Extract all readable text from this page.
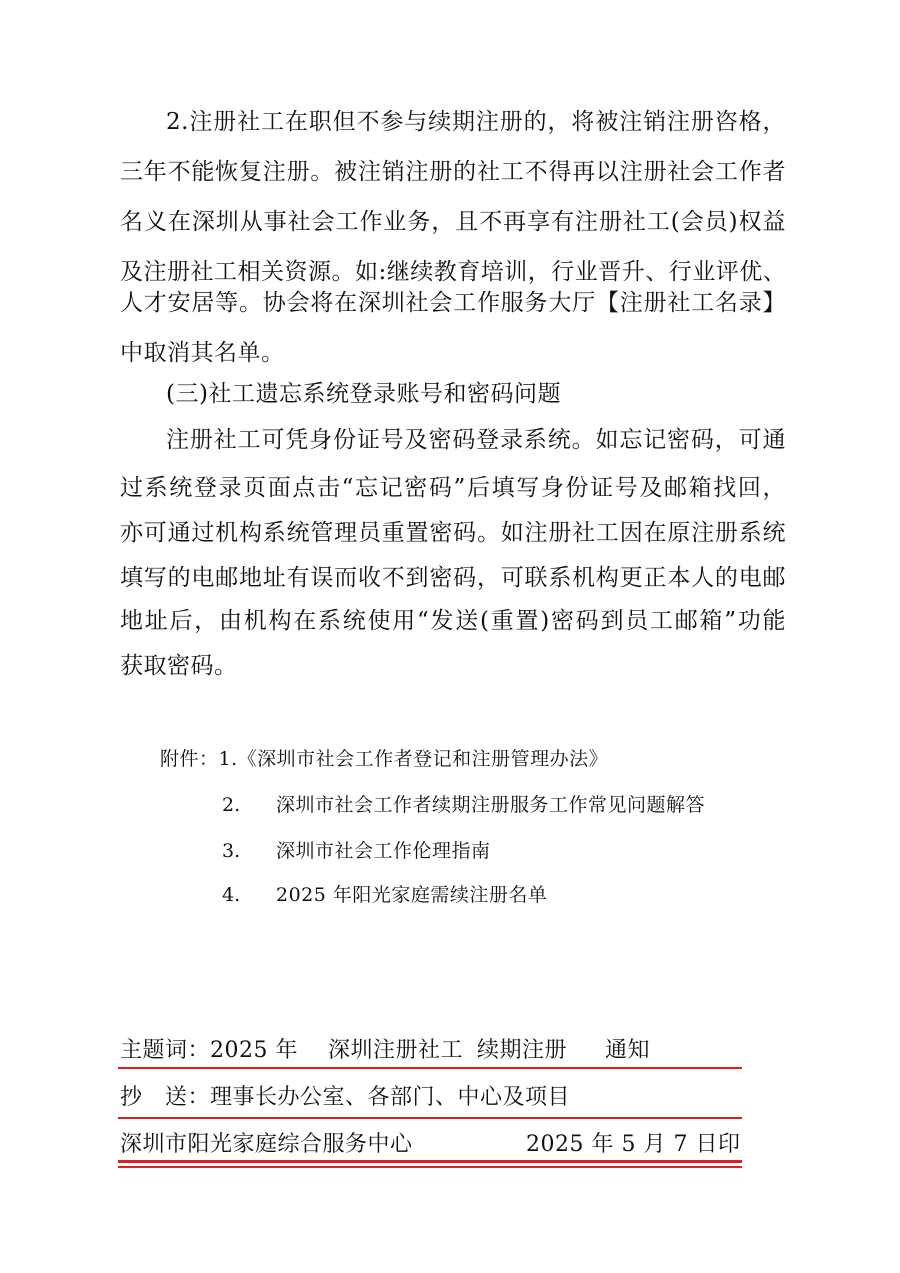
2.注册社工在职但不参与续期注册的，将被注销注册咨格，
三年不能恢复注册。被注销注册的社工不得再以注册社会工作者
名义在深圳从事社会工作业务，且不再享有注册社工(会员)权益
及注册社工相关资源。如:继续教育培训，行业晋升、行业评优、
人才安居等。协会将在深圳社会工作服务大厅【注册社工名录】
中取消其名单。
(三)社工遗忘系统登录账号和密码问题
注册社工可凭身份证号及密码登录系统。如忘记密码，可通
过系统登录页面点击“忘记密码”后填写身份证号及邮箱找回，
亦可通过机构系统管理员重置密码。如注册社工因在原注册系统
填写的电邮地址有误而收不到密码，可联系机构更正本人的电邮
地址后，由机构在系统使用“发送(重置)密码到员工邮箱”功能
获取密码。
附件：1.《深圳市社会工作者登记和注册管理办法》
2. 深圳市社会工作者续期注册服务工作常见问题解答
3. 深圳市社会工作伦理指南
4. 2025 年阳光家庭需续注册名单
主题词：2025 年 深圳注册社工 续期注册 通知
抄　送：理事长办公室、各部门、中心及项目
深圳市阳光家庭综合服务中心	2025 年 5 月 7 日印
